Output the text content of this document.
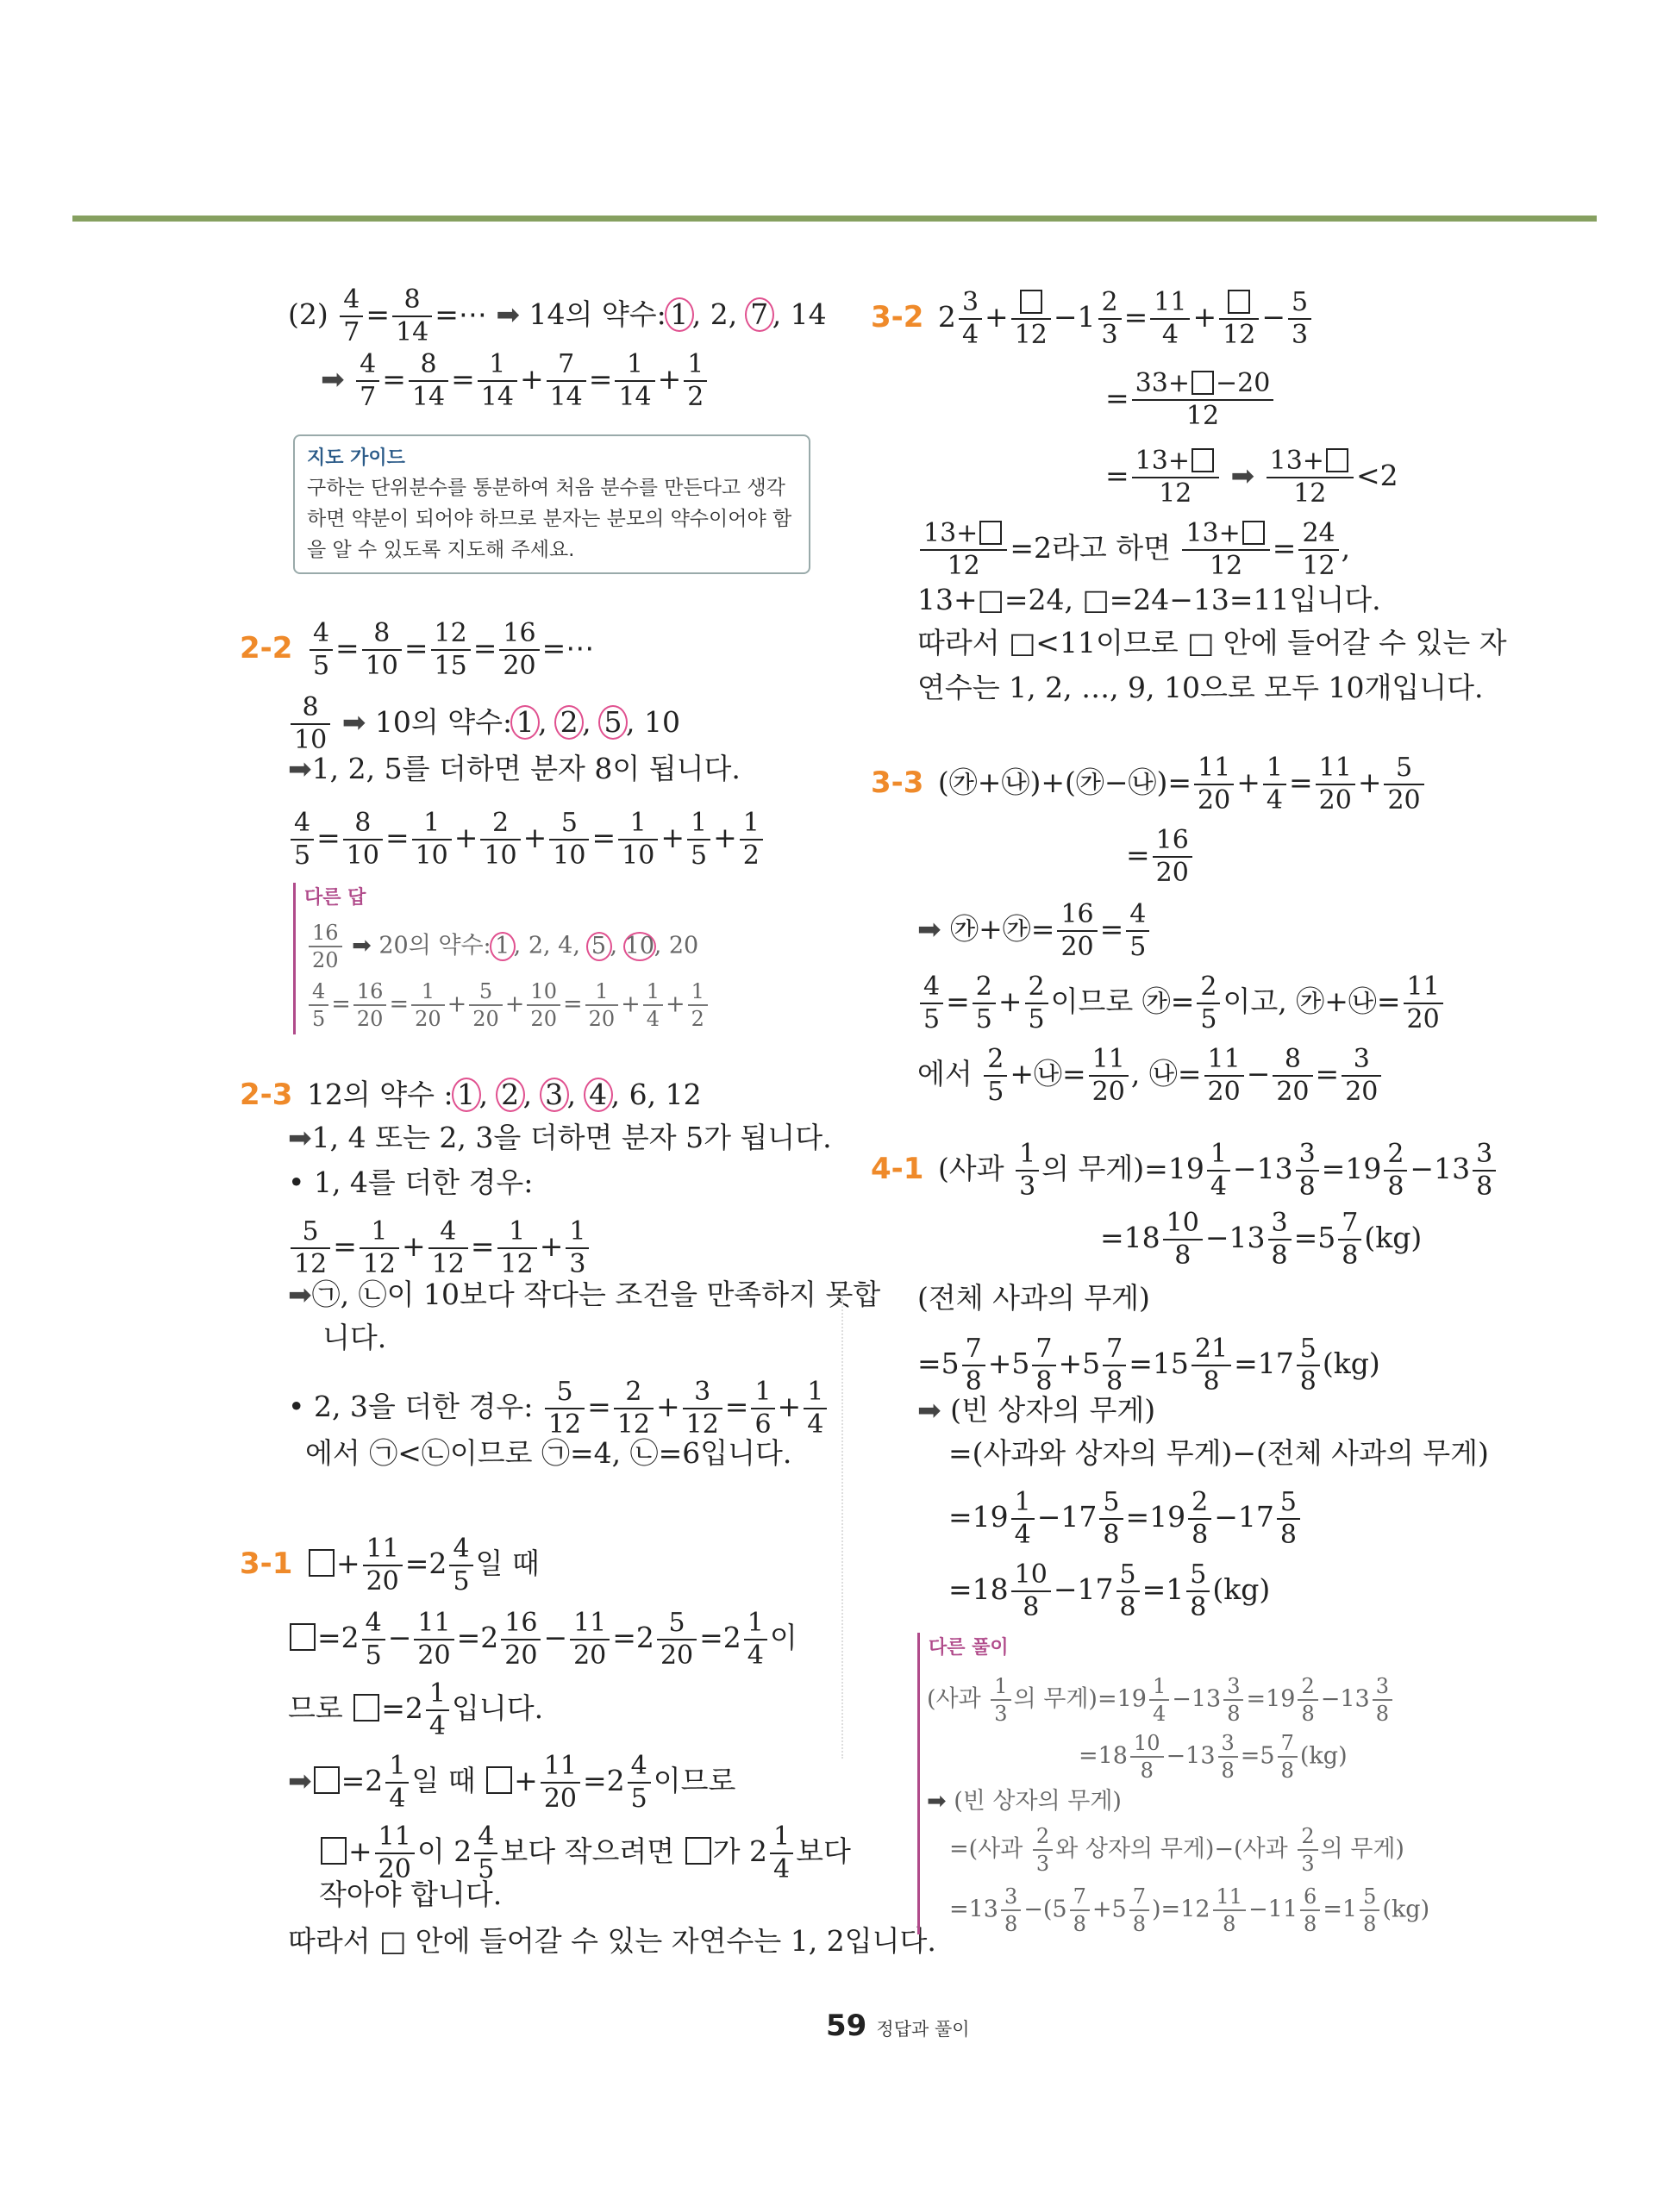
$(2) \frac{4}{7} = \frac{8}{14}$ =⋯ ➡ 14의 약수: 1 , 2, 7 , 14
➡ $\frac{4}{7} = \frac{8}{14} = \frac{1}{14} + \frac{7}{14} = \frac{1}{14} + \frac{1}{2}$
지도 가이드
구하는 단위분수를 통분하여 처음 분수를 만든다고 생각하면 약분이 되어야 하므로 분자는 분모의 약수이어야 함을 알 수 있도록 지도해 주세요.
$2-2 \frac{4}{5} = \frac{8}{10} = \frac{12}{15} = \frac{16}{20}$ =⋯
$\frac{8}{10}$ ➡ 10의 약수: 1 , 2 , 5 , 10
➡1, 2, 5를 더하면 분자 8이 됩니다.
$\frac{4}{5} = \frac{8}{10} = \frac{1}{10} + \frac{2}{10} + \frac{5}{10} = \frac{1}{10} + \frac{1}{5} + \frac{1}{2}$
다른 답
$\frac{16}{20}$ ➡ 20의 약수: 1 , 2, 4, 5 , 10, 20
$\frac{4}{5} = \frac{16}{20} = \frac{1}{20} + \frac{5}{20} + \frac{10}{20} = \frac{1}{20} + \frac{1}{4} + \frac{1}{2}$
2-3 12의 약수 : 1 , 2 , 3 , 4 , 6, 12
➡1, 4 또는 2, 3을 더하면 분자 5가 됩니다.
• 1, 4를 더한 경우:
$\frac{5}{12} = \frac{1}{12} + \frac{4}{12} = \frac{1}{12} + \frac{1}{3}$
➡㉠, ㉡이 10보다 작다는 조건을 만족하지 못합
니다.
• 2, 3을 더한 경우: $\frac{5}{12} = \frac{2}{12} + \frac{3}{12} = \frac{1}{6} + \frac{1}{4}$
에서 ㉠<㉡이므로 ㉠=4, ㉡=6입니다.
$3-1 + \frac{11}{20} =2 \frac{4}{5}$ 일 때
$=2 \frac{4}{5} - \frac{11}{20} =2 \frac{16}{20} - \frac{11}{20} =2 \frac{5}{20} =2 \frac{1}{4}$ 이
므로 $=2 \frac{1}{4}$ 입니다.
➡ $=2 \frac{1}{4}$ 일 때 + $\frac{11}{20} =2 \frac{4}{5}$ 이므로
+ $\frac{11}{20}$ 이 $2 \frac{4}{5}$ 보다 작으려면 가 $2 \frac{1}{4}$ 보다
작아야 합니다.
따라서 □ 안에 들어갈 수 있는 자연수는 1, 2입니다.
3-2 $2 \frac{3}{4}$ +
12
$-1 \frac{2}{3} = \frac{11}{4}$ +
12
− $\frac{5}{3}$
= $\frac{33+ -20}{12}$
= $\frac{13+}{12}$ ➡ $\frac{13+}{12} <2$
$\frac{13+}{12} =2$라고 하면 $\frac{13+}{12} = \frac{24}{12}$ ,
13+□=24, □=24−13=11입니다.
따라서 □<11이므로 □ 안에 들어갈 수 있는 자
연수는 1, 2, …, 9, 10으로 모두 10개입니다.
3-3 (㉮+㉯)+(㉮−㉯)= $\frac{11}{20} + \frac{1}{4} = \frac{11}{20} + \frac{5}{20}$
= $\frac{16}{20}$
➡ ㉮+㉮= $\frac{16}{20} = \frac{4}{5}$
$\frac{4}{5} = \frac{2}{5} + \frac{2}{5}$ 이므로 ㉮= $\frac{2}{5}$ 이고, ㉮+㉯= $\frac{11}{20}$
에서 $\frac{2}{5}$ +㉯= $\frac{11}{20}$ , ㉯= $\frac{11}{20} - \frac{8}{20} = \frac{3}{20}$
4-1 (사과 $\frac{1}{3}$ 의 무게)$=19 \frac{1}{4} -13 \frac{3}{8} =19 \frac{2}{8} -13 \frac{3}{8}$
$=18 \frac{10}{8} -13 \frac{3}{8} =5 \frac{7}{8} (kg)$
(전체 사과의 무게)
$=5 \frac{7}{8} +5 \frac{7}{8} +5 \frac{7}{8} =15 \frac{21}{8} =17 \frac{5}{8} (kg)$
➡ (빈 상자의 무게)
=(사과와 상자의 무게)−(전체 사과의 무게)
$=19 \frac{1}{4} -17 \frac{5}{8} =19 \frac{2}{8} -17 \frac{5}{8}$
$=18 \frac{10}{8} -17 \frac{5}{8} =1 \frac{5}{8} (kg)$
다른 풀이
(사과 $\frac{1}{3}$ 의 무게)$=19 \frac{1}{4} -13 \frac{3}{8} =19 \frac{2}{8} -13 \frac{3}{8}$
$=18 \frac{10}{8} -13 \frac{3}{8} =5 \frac{7}{8} (kg)$
➡ (빈 상자의 무게)
=(사과 $\frac{2}{3}$ 와 상자의 무게)−(사과 $\frac{2}{3}$ 의 무게)
$=13 \frac{3}{8} -(5 \frac{7}{8} +5 \frac{7}{8} )=12 \frac{11}{8} -11 \frac{6}{8} =1 \frac{5}{8} (kg)$
59 정답과 풀이
